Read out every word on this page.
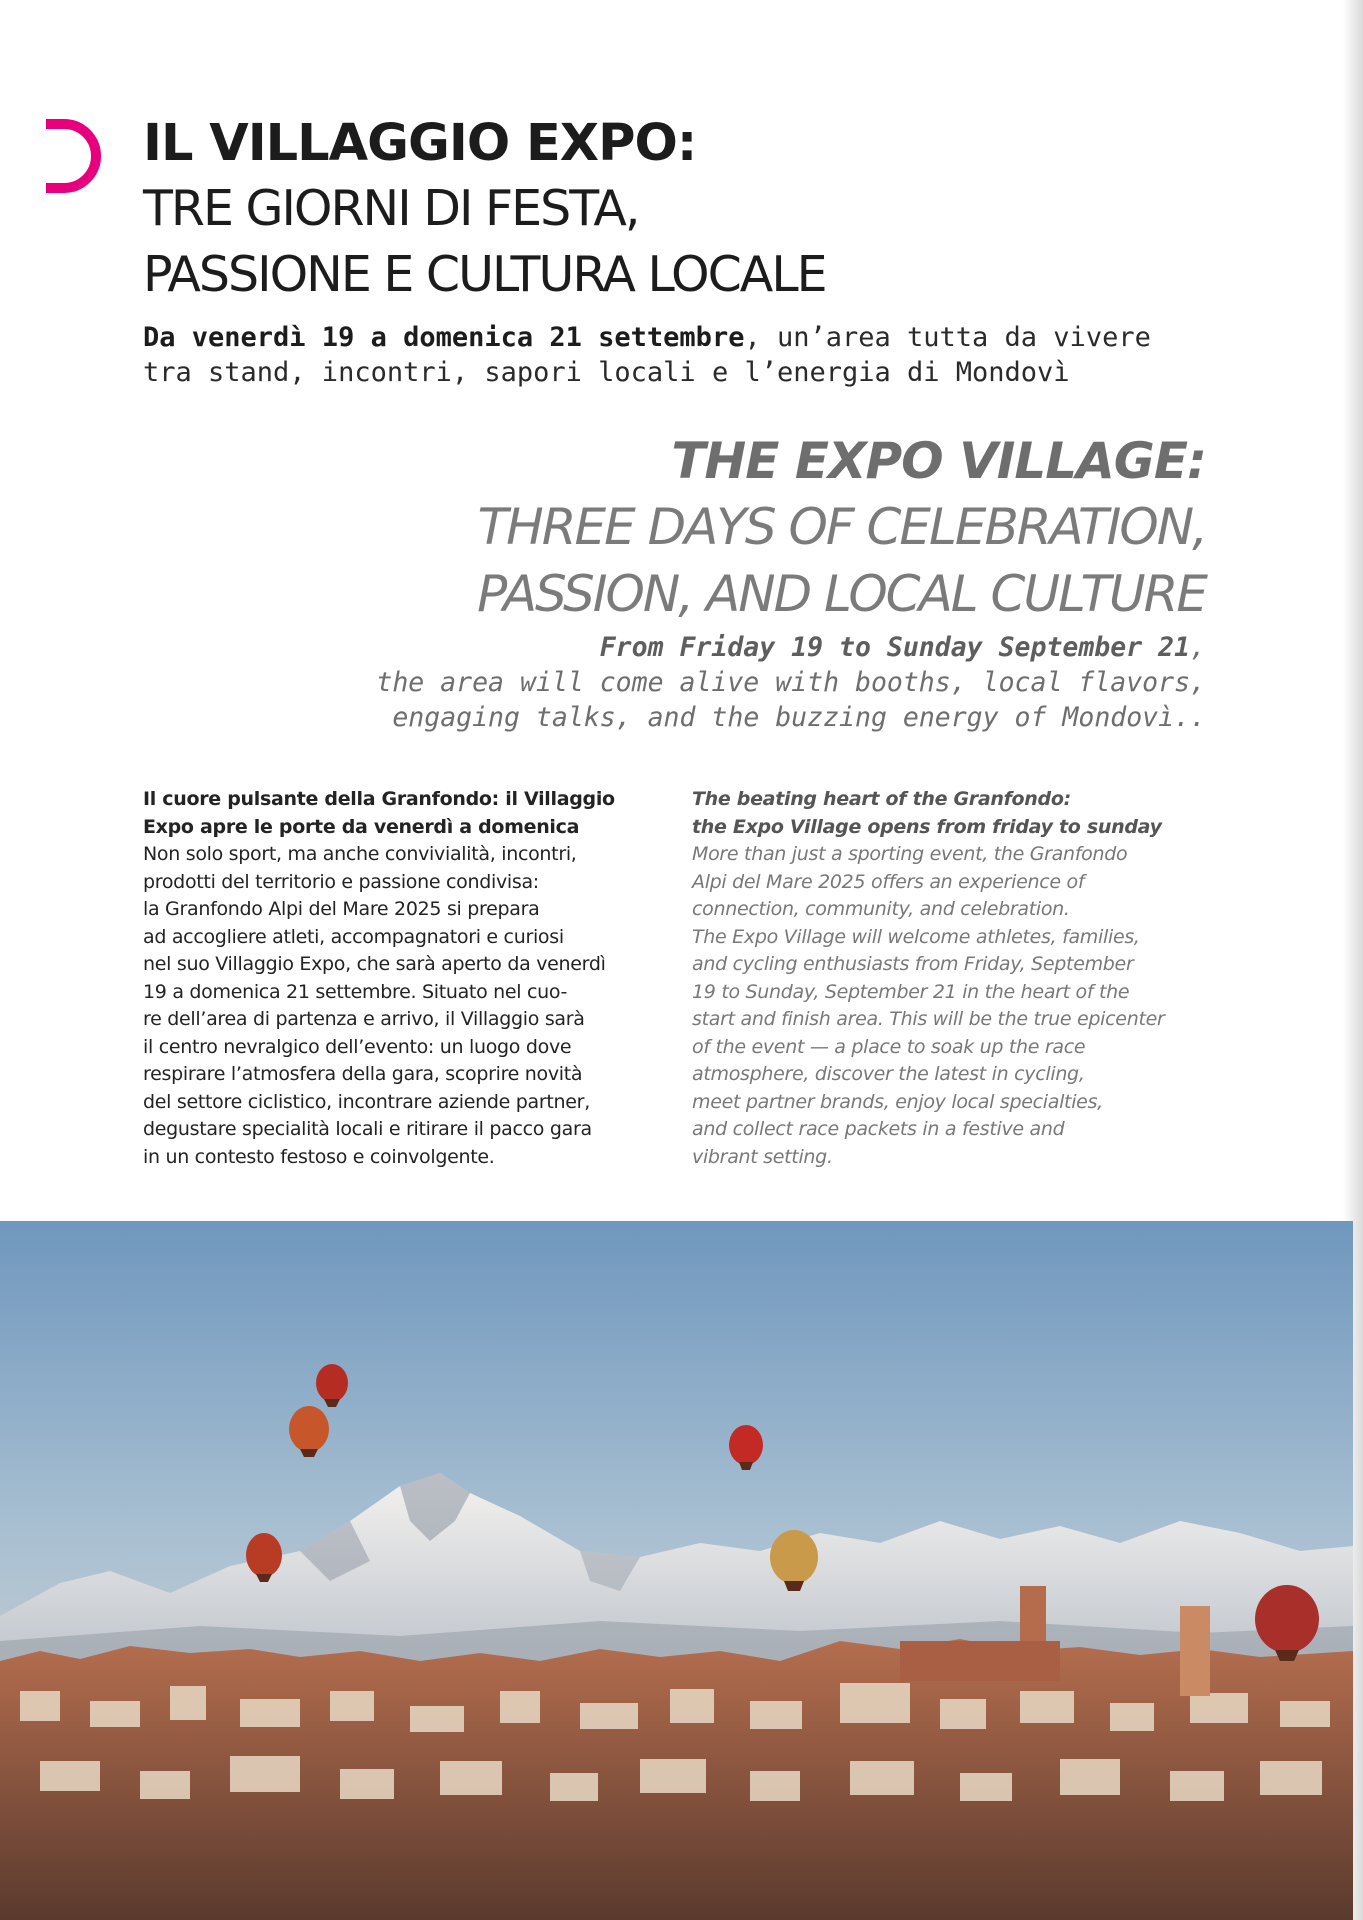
IL VILLAGGIO EXPO:
TRE GIORNI DI FESTA,
PASSIONE E CULTURA LOCALE
Da venerdì 19 a domenica 21 settembre, un’area tutta da vivere
tra stand, incontri, sapori locali e l’energia di Mondovì
THE EXPO VILLAGE:
THREE DAYS OF CELEBRATION,
PASSION, AND LOCAL CULTURE
From Friday 19 to Sunday September 21,
the area will come alive with booths, local flavors,
engaging talks, and the buzzing energy of Mondovì..
Il cuore pulsante della Granfondo: il Villaggio
Expo apre le porte da venerdì a domenica
Non solo sport, ma anche convivialità, incontri,
prodotti del territorio e passione condivisa:
la Granfondo Alpi del Mare 2025 si prepara
ad accogliere atleti, accompagnatori e curiosi
nel suo Villaggio Expo, che sarà aperto da venerdì
19 a domenica 21 settembre. Situato nel cuo-
re dell’area di partenza e arrivo, il Villaggio sarà
il centro nevralgico dell’evento: un luogo dove
respirare l’atmosfera della gara, scoprire novità
del settore ciclistico, incontrare aziende partner,
degustare specialità locali e ritirare il pacco gara
in un contesto festoso e coinvolgente.
The beating heart of the Granfondo:
the Expo Village opens from friday to sunday
More than just a sporting event, the Granfondo
Alpi del Mare 2025 offers an experience of
connection, community, and celebration.
The Expo Village will welcome athletes, families,
and cycling enthusiasts from Friday, September
19 to Sunday, September 21 in the heart of the
start and finish area. This will be the true epicenter
of the event — a place to soak up the race
atmosphere, discover the latest in cycling,
meet partner brands, enjoy local specialties,
and collect race packets in a festive and
vibrant setting.
